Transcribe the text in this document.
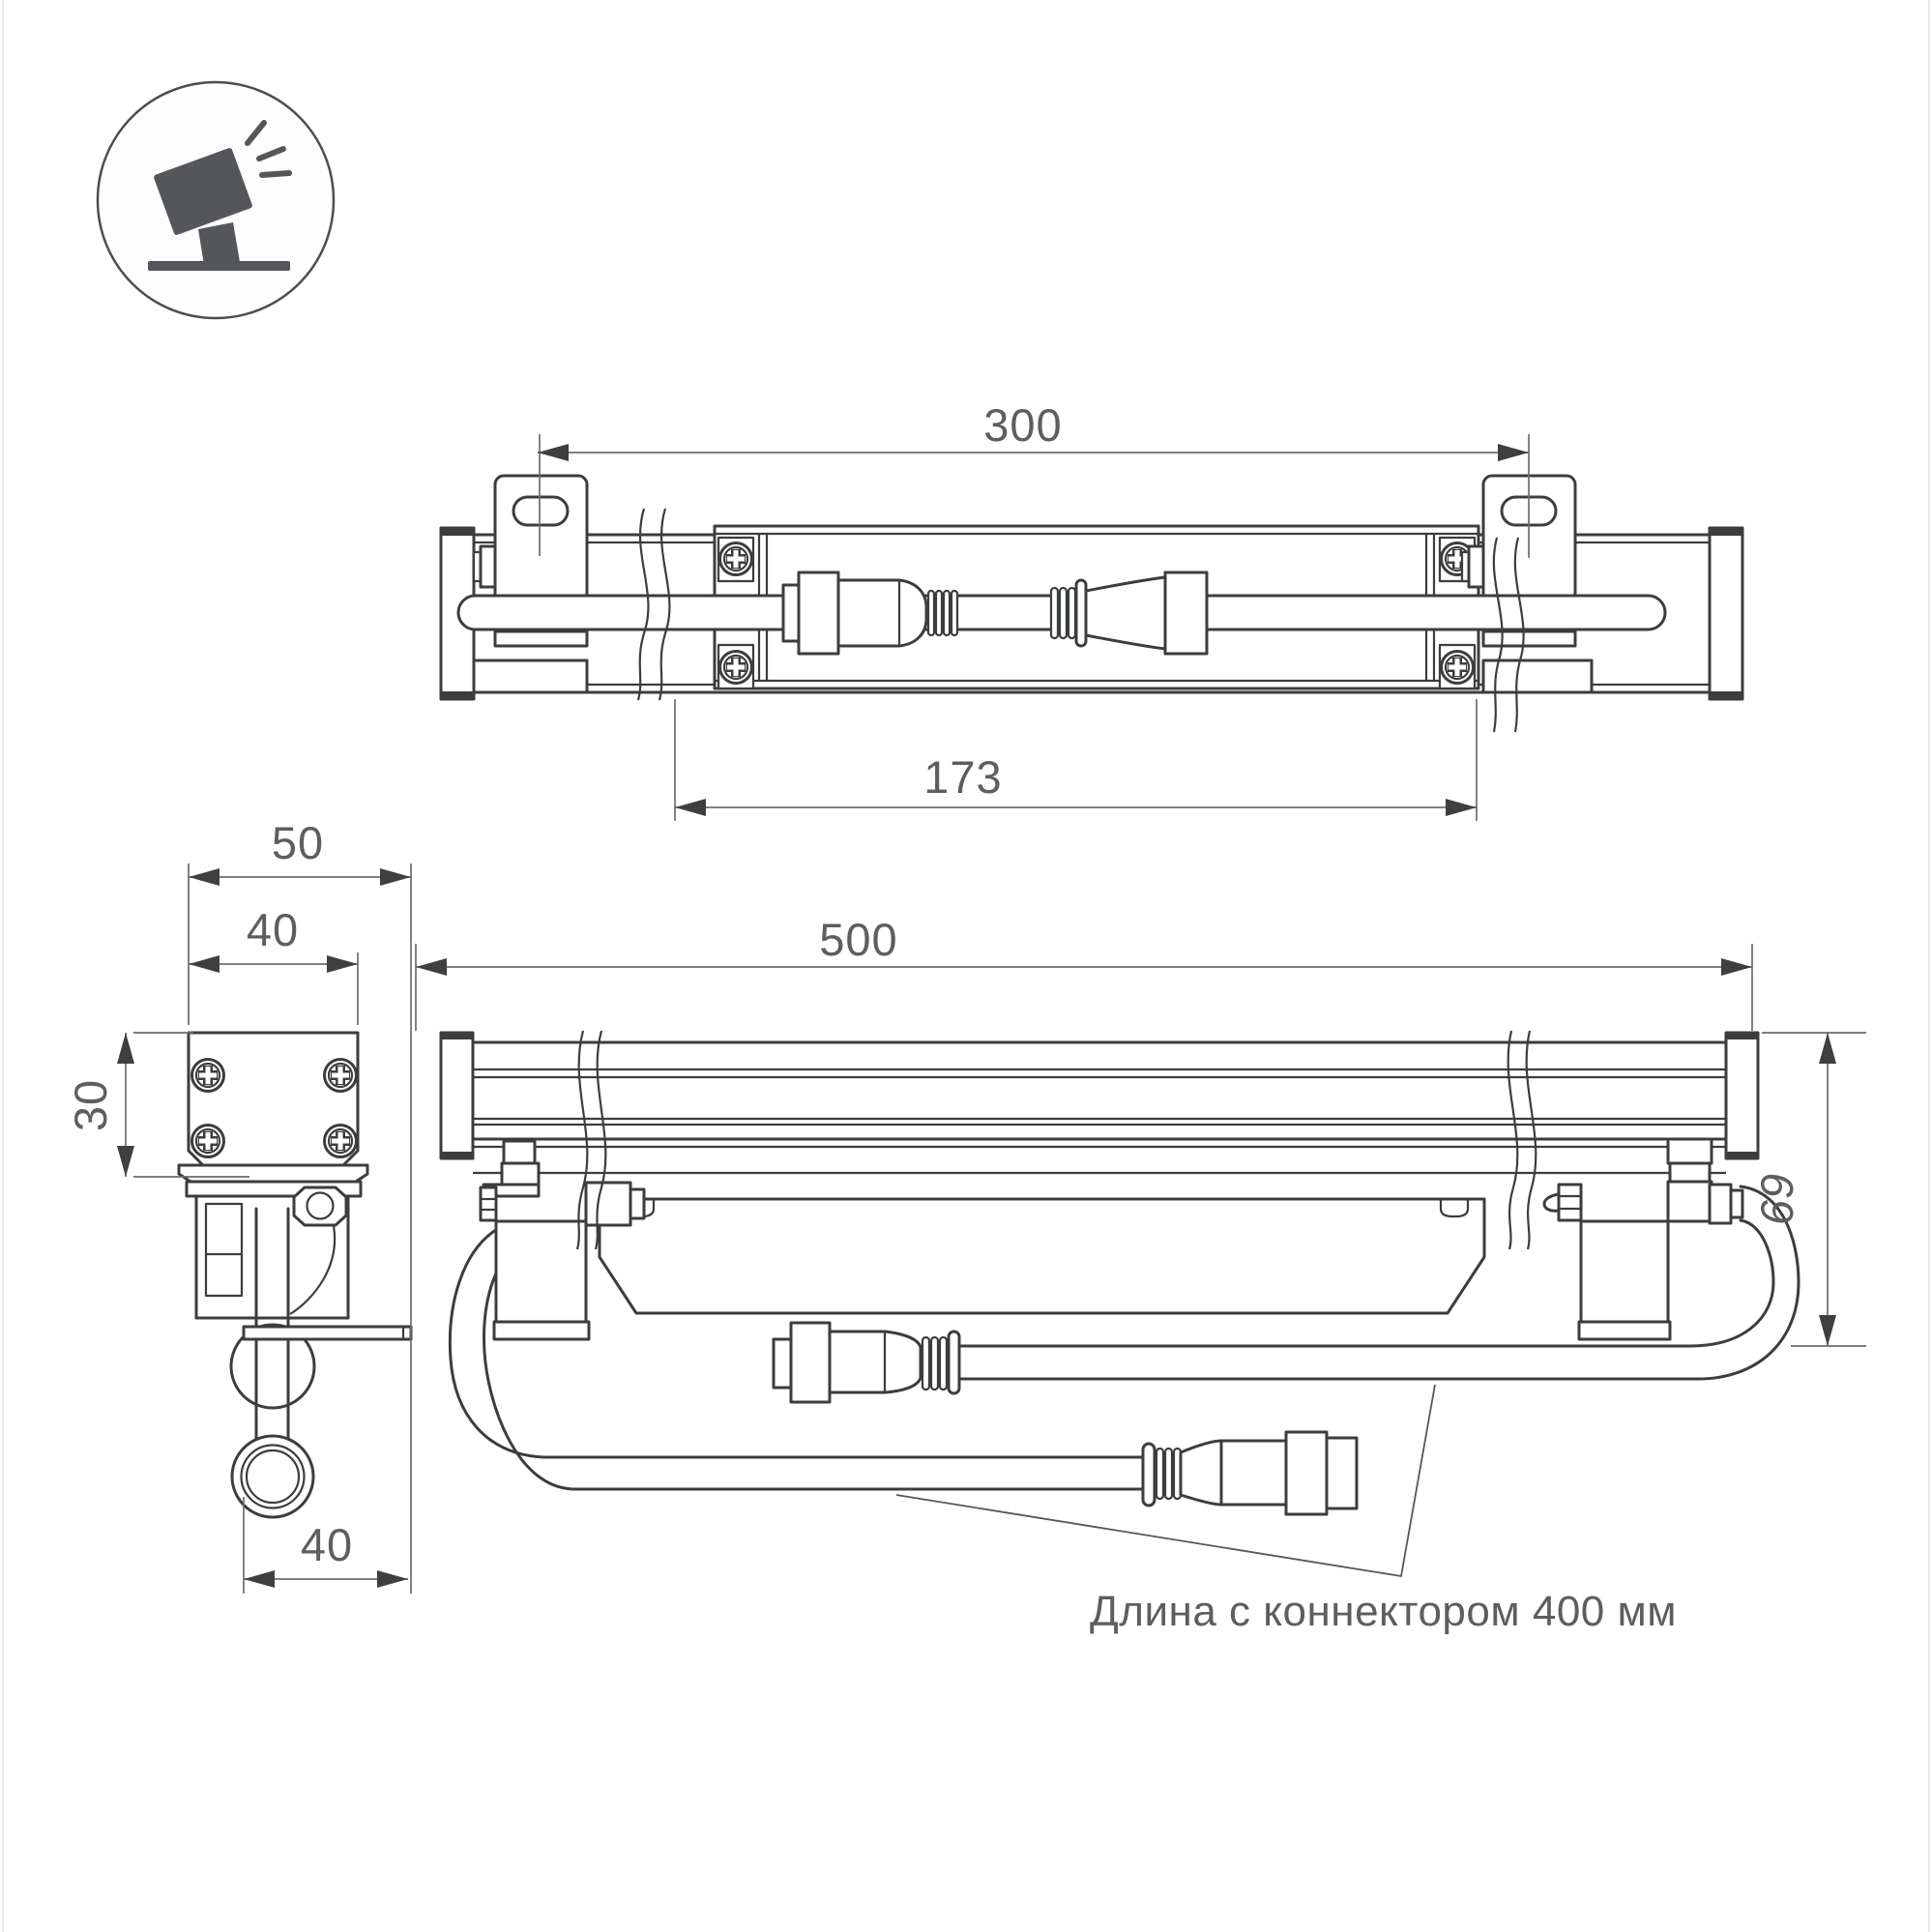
300
173
50
40
30
40
500
69
Длина с коннектором 400 мм
